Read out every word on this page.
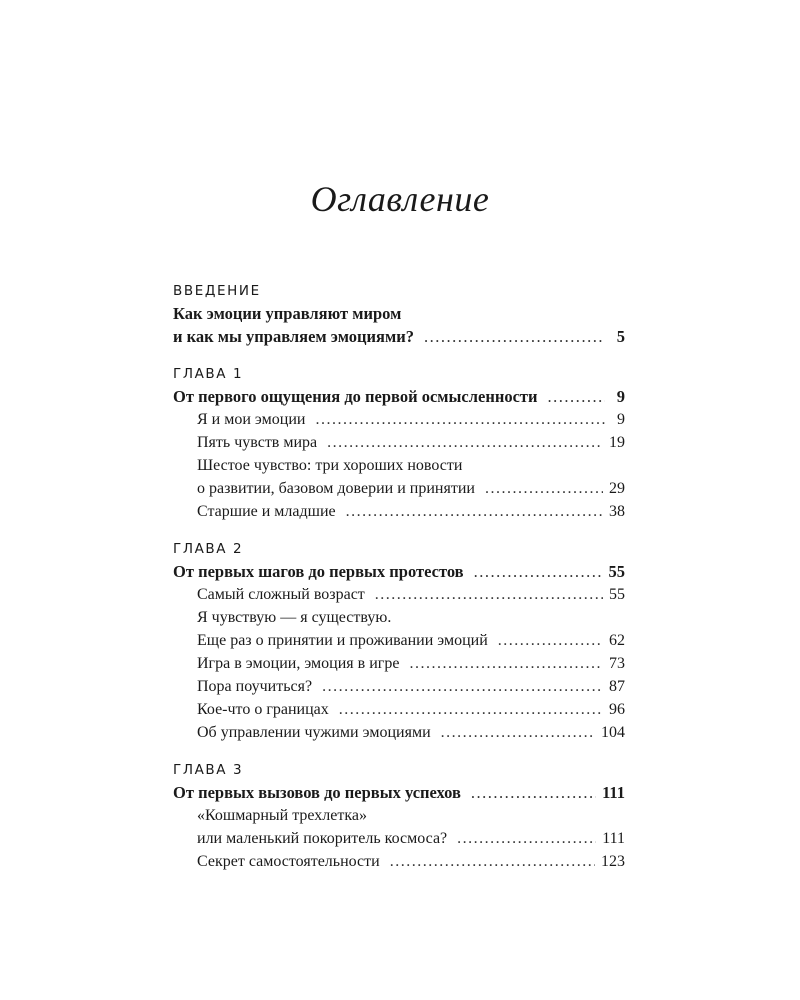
Оглавление
ВВЕДЕНИЕ
Как эмоции управляют миром
и как мы управляем эмоциями? .....	5
ГЛАВА 1
От первого ощущения до первой осмысленности .....	9
Я и мои эмоции .....	9
Пять чувств мира .....	19
Шестое чувство: три хороших новости
о развитии, базовом доверии и принятии .....	29
Старшие и младшие .....	38
ГЛАВА 2
От первых шагов до первых протестов .....	55
Самый сложный возраст .....	55
Я чувствую — я существую.
Еще раз о принятии и проживании эмоций .....	62
Игра в эмоции, эмоция в игре .....	73
Пора поучиться? .....	87
Кое-что о границах .....	96
Об управлении чужими эмоциями .....	104
ГЛАВА 3
От первых вызовов до первых успехов .....	111
«Кошмарный трехлетка»
или маленький покоритель космоса? .....	111
Секрет самостоятельности .....	123
